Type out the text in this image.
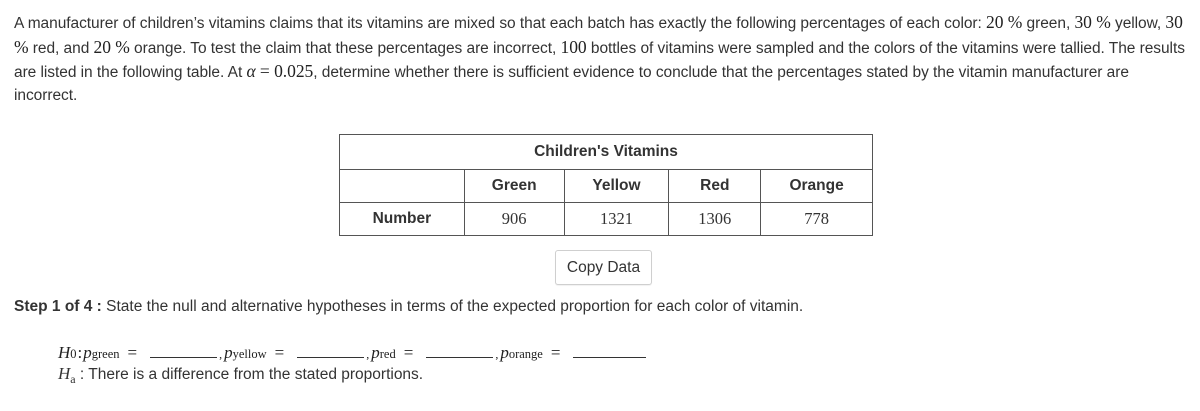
A manufacturer of children’s vitamins claims that its vitamins are mixed so that each batch has exactly the following percentages of each color: 20 % green, 30 % yellow, 30 % red, and 20 % orange. To test the claim that these percentages are incorrect, 100 bottles of vitamins were sampled and the colors of the vitamins were tallied. The results are listed in the following table. At α = 0.025, determine whether there is sufficient evidence to conclude that the percentages stated by the vitamin manufacturer are incorrect.
Children's Vitamins				
	Green	Yellow	Red	Orange
Number	906	1321	1306	778
Copy Data
Step 1 of 4 : State the null and alternative hypotheses in terms of the expected proportion for each color of vitamin.
H 0 : p green =	, p yellow =	, p red =	, p orange =
$H_a$ : There is a difference from the stated proportions.
